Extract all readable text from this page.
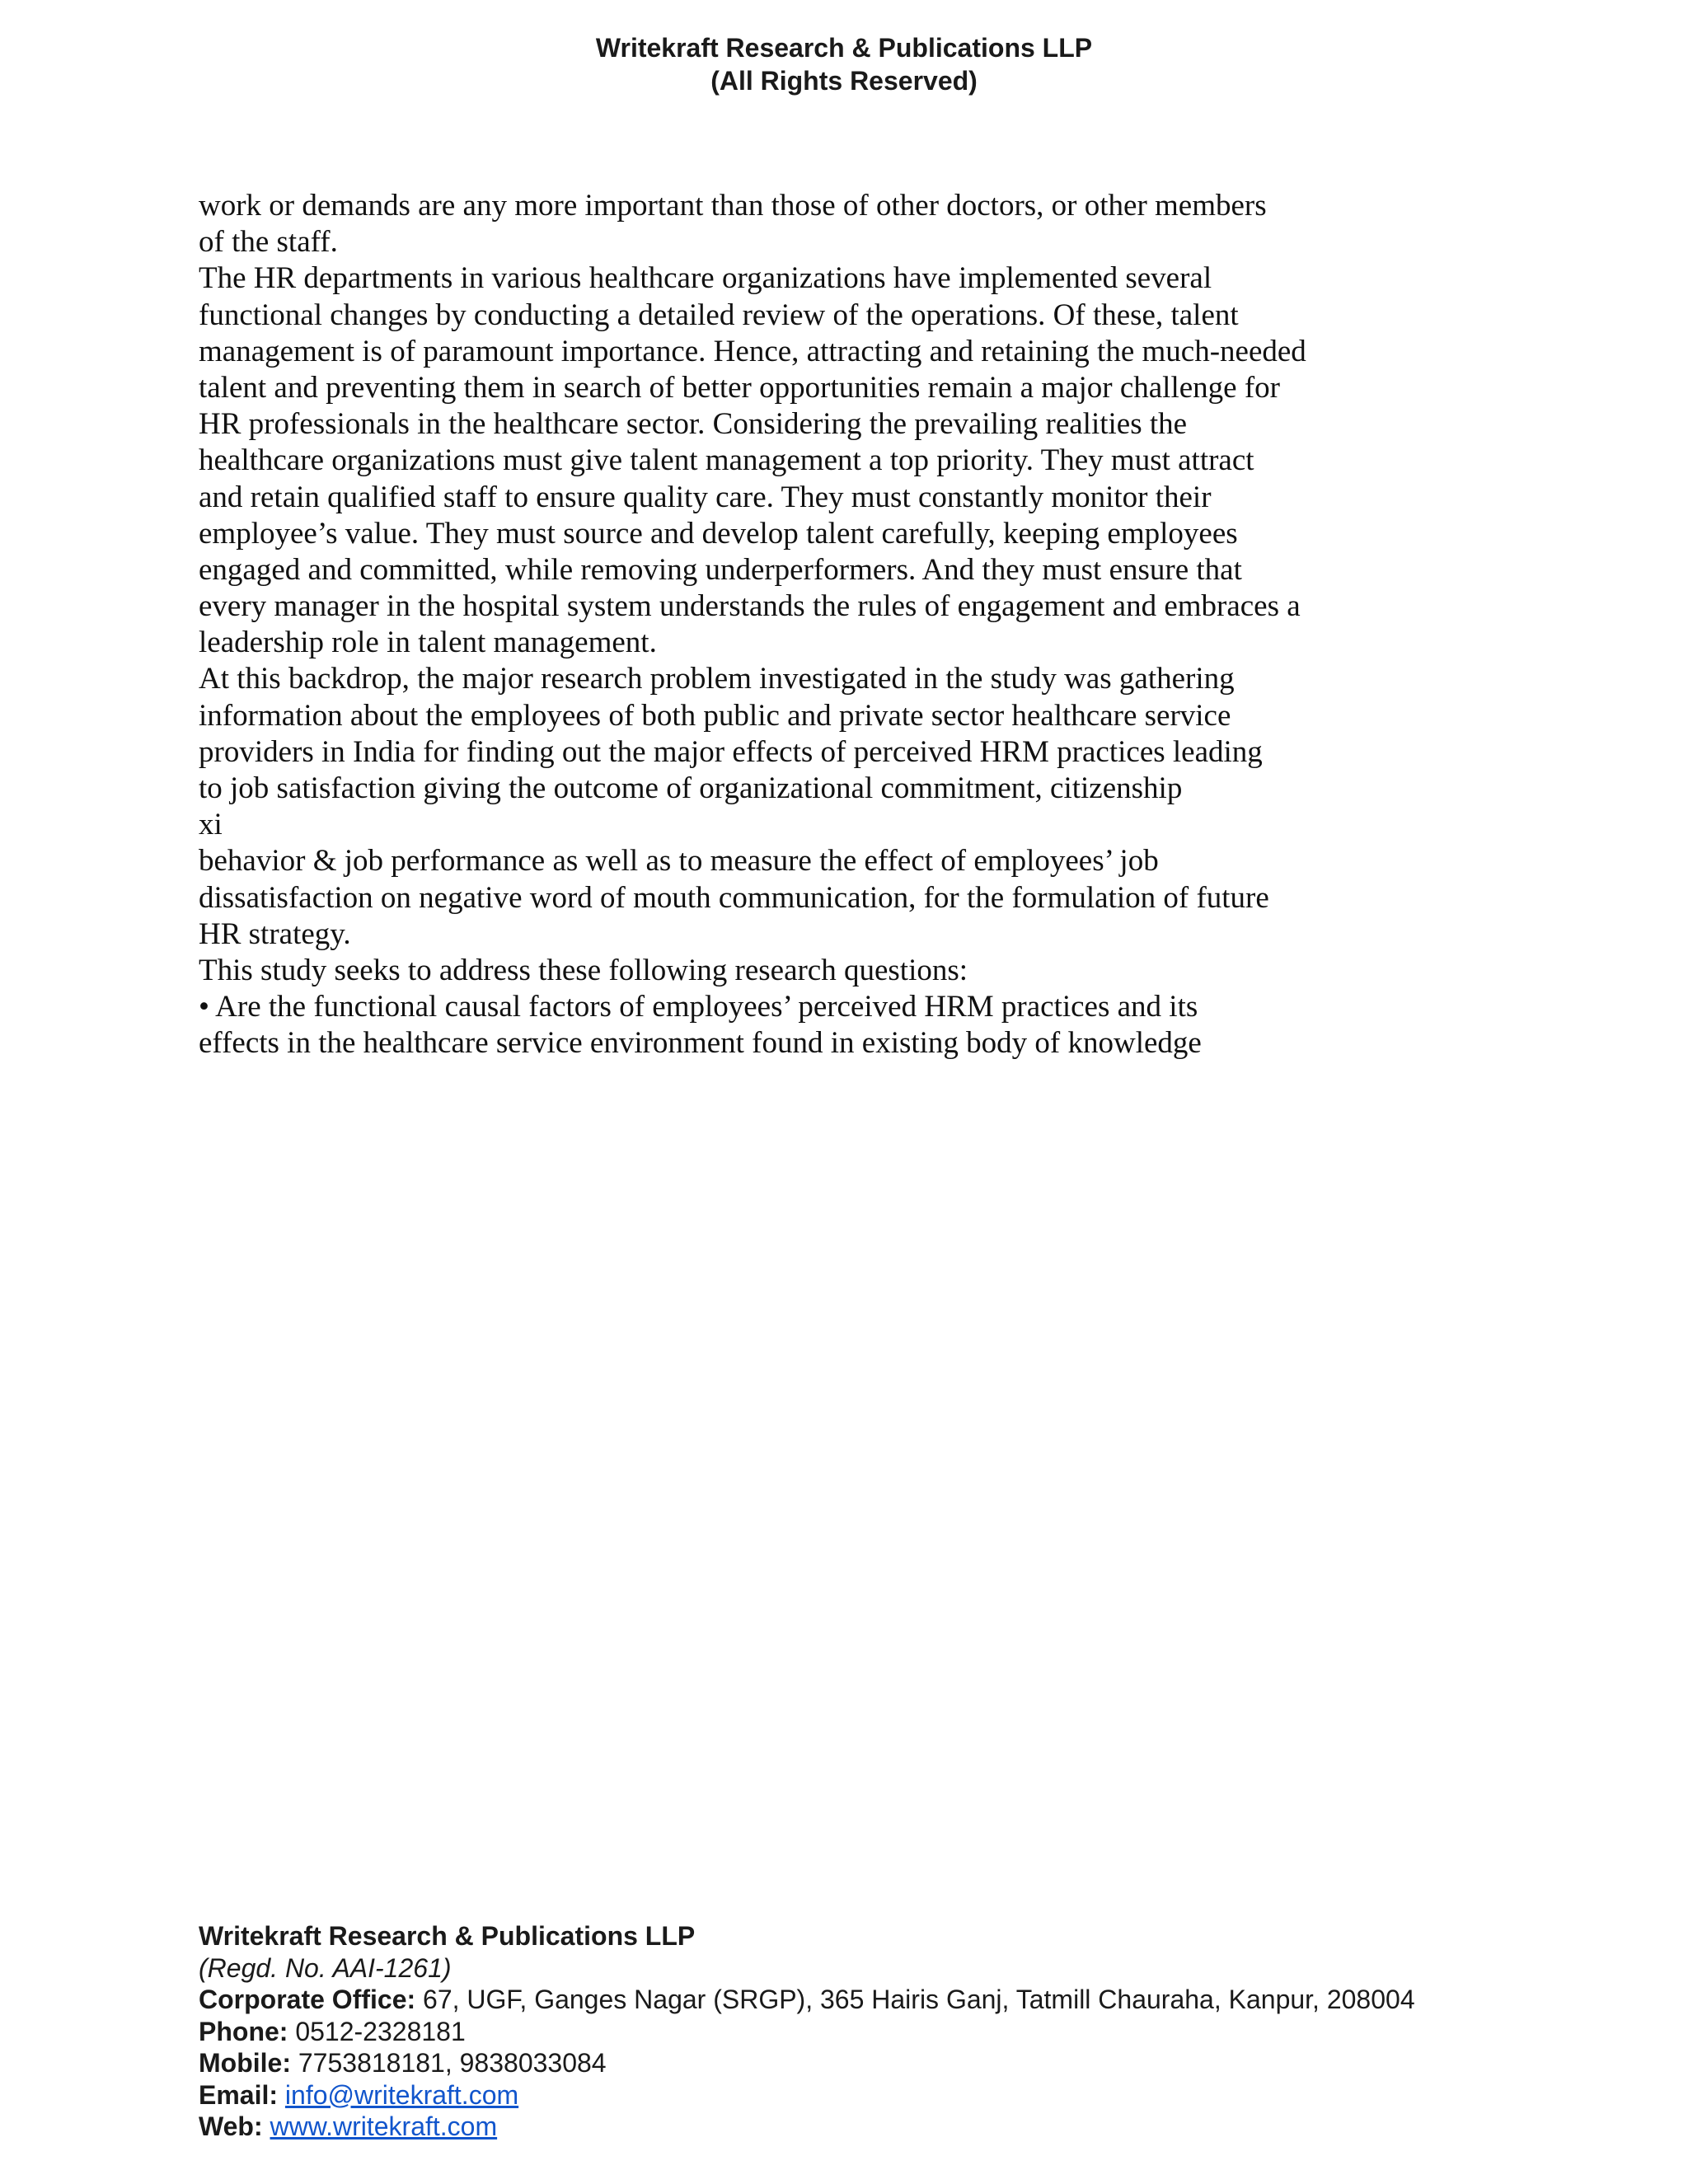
Writekraft Research & Publications LLP
(All Rights Reserved)
work or demands are any more important than those of other doctors, or other members
of the staff.
The HR departments in various healthcare organizations have implemented several
functional changes by conducting a detailed review of the operations. Of these, talent
management is of paramount importance. Hence, attracting and retaining the much-needed
talent and preventing them in search of better opportunities remain a major challenge for
HR professionals in the healthcare sector. Considering the prevailing realities the
healthcare organizations must give talent management a top priority. They must attract
and retain qualified staff to ensure quality care. They must constantly monitor their
employee’s value. They must source and develop talent carefully, keeping employees
engaged and committed, while removing underperformers. And they must ensure that
every manager in the hospital system understands the rules of engagement and embraces a
leadership role in talent management.
At this backdrop, the major research problem investigated in the study was gathering
information about the employees of both public and private sector healthcare service
providers in India for finding out the major effects of perceived HRM practices leading
to job satisfaction giving the outcome of organizational commitment, citizenship
xi
behavior & job performance as well as to measure the effect of employees’ job
dissatisfaction on negative word of mouth communication, for the formulation of future
HR strategy.
This study seeks to address these following research questions:
• Are the functional causal factors of employees’ perceived HRM practices and its
effects in the healthcare service environment found in existing body of knowledge
Writekraft Research & Publications LLP
(Regd. No. AAI-1261)
Corporate Office: 67, UGF, Ganges Nagar (SRGP), 365 Hairis Ganj, Tatmill Chauraha, Kanpur, 208004
Phone: 0512-2328181
Mobile: 7753818181, 9838033084
Email: info@writekraft.com
Web: www.writekraft.com
